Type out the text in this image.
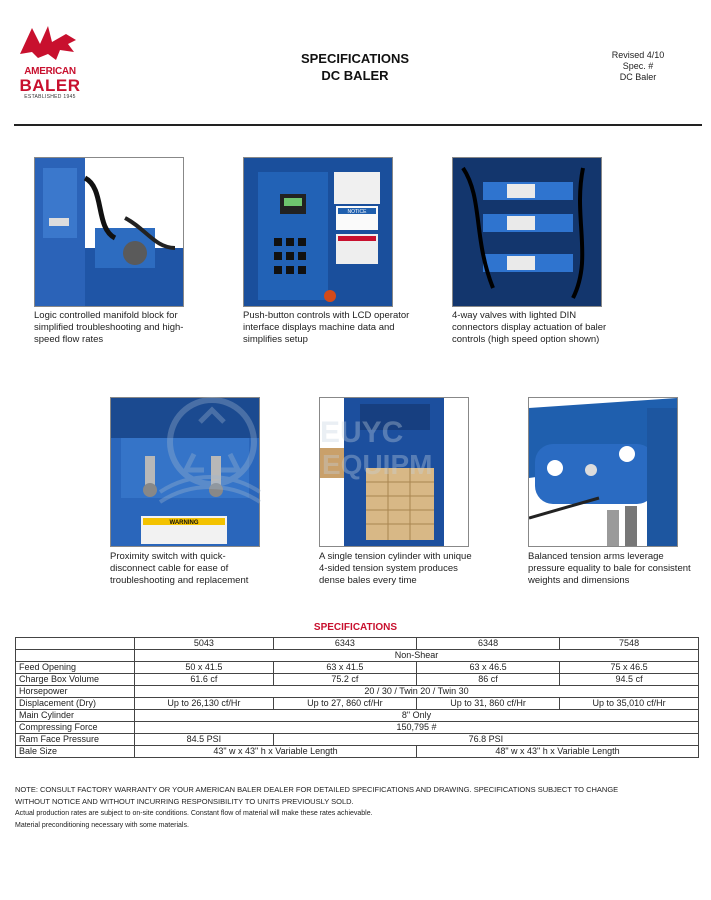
AMERICAN
BALER
ESTABLISHED 1945
SPECIFICATIONS
DC BALER
Revised 4/10
Spec. #
DC Baler
Logic controlled manifold block for simplified troubleshooting and high-speed flow rates
NOTICE
Push-button controls with LCD operator interface displays machine data and simplifies setup
4-way valves with lighted DIN connectors display actuation of baler controls (high speed option shown)
WARNING
Proximity switch with quick-disconnect cable for ease of troubleshooting and replacement
A single tension cylinder with unique 4-sided tension system produces dense bales every time
Balanced tension arms leverage pressure equality to bale for consistent weights and dimensions
EUYC
EQUIPM
SPECIFICATIONS
	5043	6343	6348	7548
	Non-Shear			
Feed Opening	50 x 41.5	63 x 41.5	63 x 46.5	75 x 46.5
Charge Box Volume	61.6 cf	75.2 cf	86 cf	94.5 cf
Horsepower	20 / 30 / Twin 20 / Twin 30			
Displacement (Dry)	Up to 26,130 cf/Hr	Up to 27, 860 cf/Hr	Up to 31, 860 cf/Hr	Up to 35,010 cf/Hr
Main Cylinder	8" Only			
Compressing Force	150,795 #			
Ram Face Pressure	84.5 PSI	76.8 PSI		
Bale Size	43" w x 43" h x Variable Length		48" w x 43" h x Variable Length	
NOTE: CONSULT FACTORY WARRANTY OR YOUR AMERICAN BALER DEALER FOR DETAILED SPECIFICATIONS AND DRAWING. SPECIFICATIONS SUBJECT TO CHANGE
WITHOUT NOTICE AND WITHOUT INCURRING RESPONSIBILITY TO UNITS PREVIOUSLY SOLD.
Actual production rates are subject to on-site conditions. Constant flow of material will make these rates achievable.
Material preconditioning necessary with some materials.
